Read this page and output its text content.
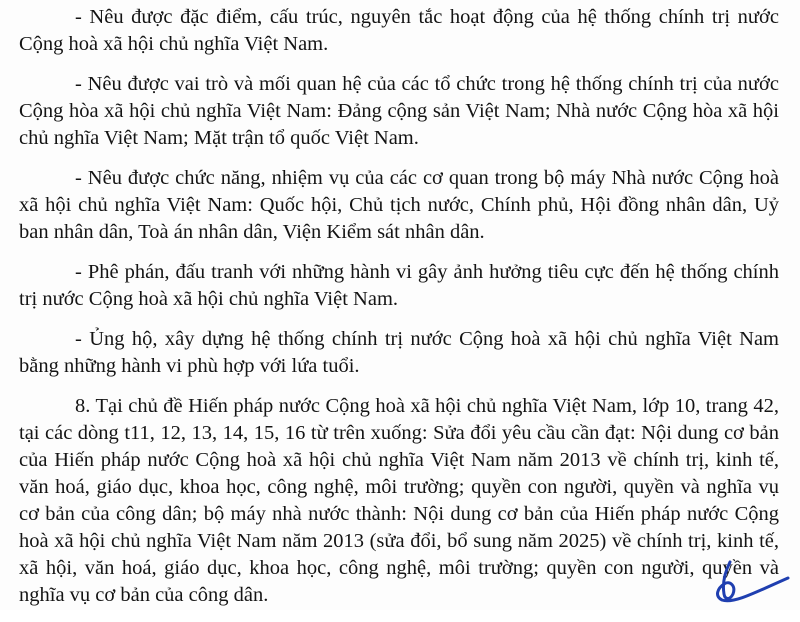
- Nêu được đặc điểm, cấu trúc, nguyên tắc hoạt động của hệ thống chính trị nước Cộng hoà xã hội chủ nghĩa Việt Nam.

- Nêu được vai trò và mối quan hệ của các tổ chức trong hệ thống chính trị của nước Cộng hòa xã hội chủ nghĩa Việt Nam: Đảng cộng sản Việt Nam; Nhà nước Cộng hòa xã hội chủ nghĩa Việt Nam; Mặt trận tổ quốc Việt Nam.

- Nêu được chức năng, nhiệm vụ của các cơ quan trong bộ máy Nhà nước Cộng hoà xã hội chủ nghĩa Việt Nam: Quốc hội, Chủ tịch nước, Chính phủ, Hội đồng nhân dân, Uỷ ban nhân dân, Toà án nhân dân, Viện Kiểm sát nhân dân.

- Phê phán, đấu tranh với những hành vi gây ảnh hưởng tiêu cực đến hệ thống chính trị nước Cộng hoà xã hội chủ nghĩa Việt Nam.

- Ủng hộ, xây dựng hệ thống chính trị nước Cộng hoà xã hội chủ nghĩa Việt Nam bằng những hành vi phù hợp với lứa tuổi.

8. Tại chủ đề Hiến pháp nước Cộng hoà xã hội chủ nghĩa Việt Nam, lớp 10, trang 42, tại các dòng t11, 12, 13, 14, 15, 16 từ trên xuống: Sửa đổi yêu cầu cần đạt: Nội dung cơ bản của Hiến pháp nước Cộng hoà xã hội chủ nghĩa Việt Nam năm 2013 về chính trị, kinh tế, văn hoá, giáo dục, khoa học, công nghệ, môi trường; quyền con người, quyền và nghĩa vụ cơ bản của công dân; bộ máy nhà nước thành: Nội dung cơ bản của Hiến pháp nước Cộng hoà xã hội chủ nghĩa Việt Nam năm 2013 (sửa đổi, bổ sung năm 2025) về chính trị, kinh tế, xã hội, văn hoá, giáo dục, khoa học, công nghệ, môi trường; quyền con người, quyền và nghĩa vụ cơ bản của công dân.
